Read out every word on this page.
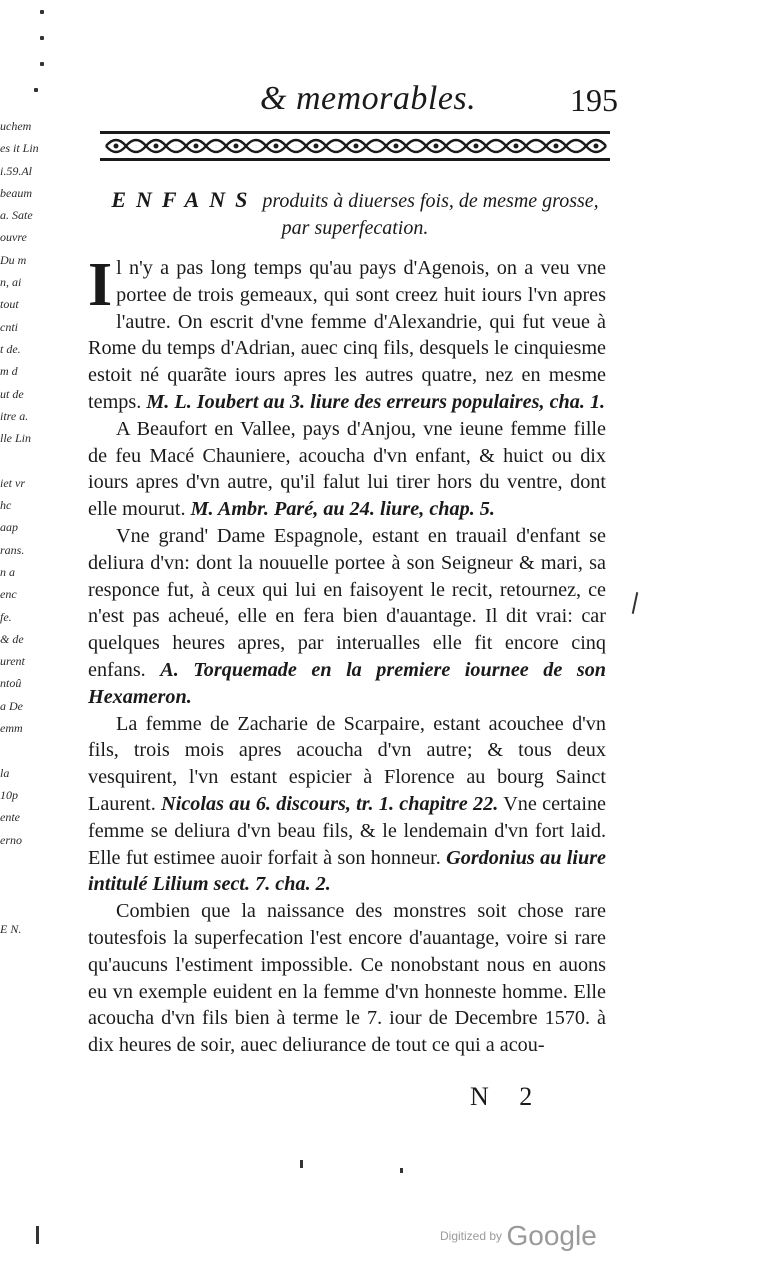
uchem
es it Lin
i.59.Al
beaum
a. Sate
ouvre
Du m
n, ai
tout
cnti
t de.
m d
ut de
itre a.
lle Lin
iet vr
hc
aap
rans.
n a
enc
fe.
& de
urent
ntoû
a De
emm
la
10p
ente
erno
E N.
& memorables.	195
ENFANS produits à diuerses fois, de mesme grosse, par superfecation.

I l n'y a pas long temps qu'au pays d'Agenois, on a veu vne portee de trois gemeaux, qui sont creez huit iours l'vn apres l'autre. On escrit d'vne femme d'Alexandrie, qui fut veue à Rome du temps d'Adrian, auec cinq fils, desquels le cinquiesme estoit né quarãte iours apres les autres quatre, nez en mesme temps. M. L. Ioubert au 3. liure des erreurs populaires, cha. 1.

A Beaufort en Vallee, pays d'Anjou, vne ieune femme fille de feu Macé Chauniere, acoucha d'vn enfant, & huict ou dix iours apres d'vn autre, qu'il falut lui tirer hors du ventre, dont elle mourut. M. Ambr. Paré, au 24. liure, chap. 5.

Vne grand' Dame Espagnole, estant en trauail d'enfant se deliura d'vn: dont la nouuelle portee à son Seigneur & mari, sa responce fut, à ceux qui lui en faisoyent le recit, retournez, ce n'est pas acheué, elle en fera bien d'auantage. Il dit vrai: car quelques heures apres, par interualles elle fit encore cinq enfans. A. Torquemade en la premiere iournee de son Hexameron.

La femme de Zacharie de Scarpaire, estant acouchee d'vn fils, trois mois apres acoucha d'vn autre; & tous deux vesquirent, l'vn estant espicier à Florence au bourg Sainct Laurent. Nicolas au 6. discours, tr. 1. chapitre 22. Vne certaine femme se deliura d'vn beau fils, & le lendemain d'vn fort laid. Elle fut estimee auoir forfait à son honneur. Gordonius au liure intitulé Lilium sect. 7. cha. 2.

Combien que la naissance des monstres soit chose rare toutesfois la superfecation l'est encore d'auantage, voire si rare qu'aucuns l'estiment impossible. Ce nonobstant nous en auons eu vn exemple euident en la femme d'vn honneste homme. Elle acoucha d'vn fils bien à terme le 7. iour de Decembre 1570. à dix heures de soir, auec deliurance de tout ce qui a acou-

N 2
Digitized by Google
